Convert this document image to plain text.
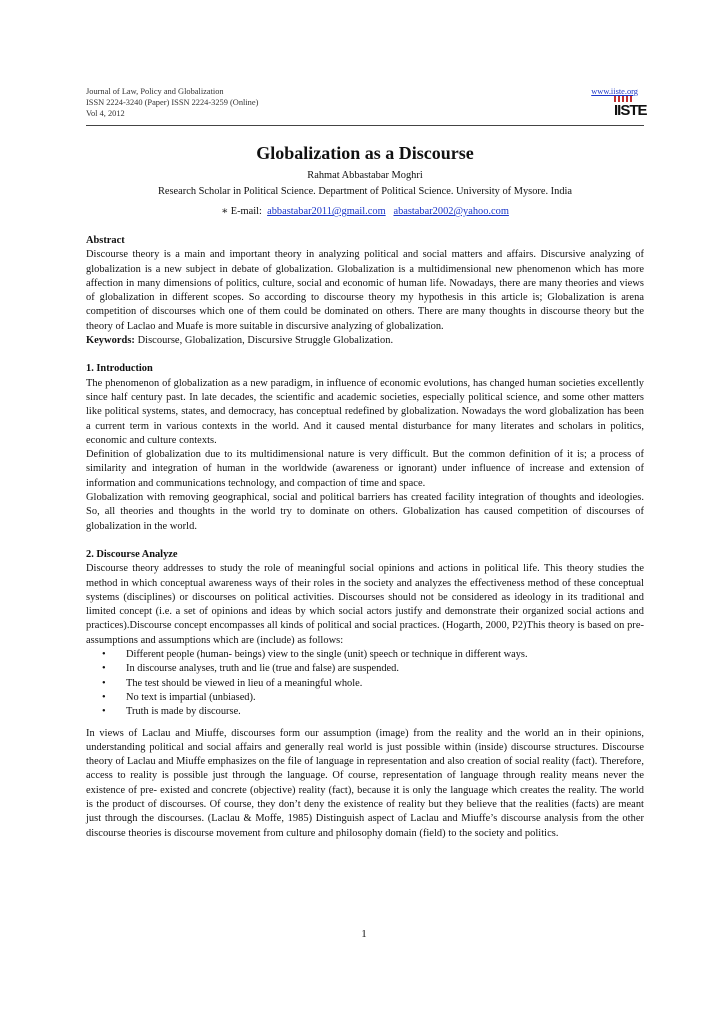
Journal of Law, Policy and Globalization
ISSN 2224-3240 (Paper) ISSN 2224-3259 (Online)
Vol 4, 2012
www.iiste.org
IISTE
Globalization as a Discourse
Rahmat Abbastabar Moghri
Research Scholar in Political Science. Department of Political Science. University of Mysore. India
∗ E-mail: abbastabar2011@gmail.com abastabar2002@yahoo.com
Abstract
Discourse theory is a main and important theory in analyzing political and social matters and affairs. Discursive analyzing of globalization is a new subject in debate of globalization. Globalization is a multidimensional new phenomenon which has more affection in many dimensions of politics, culture, social and economic of human life. Nowadays, there are many theories and views of globalization in different scopes. So according to discourse theory my hypothesis in this article is; Globalization is arena competition of discourses which one of them could be dominated on others. There are many thoughts in discourse theory but the theory of Laclao and Muafe is more suitable in discursive analyzing of globalization.
Keywords: Discourse, Globalization, Discursive Struggle Globalization.
1. Introduction
The phenomenon of globalization as a new paradigm, in influence of economic evolutions, has changed human societies excellently since half century past. In late decades, the scientific and academic societies, especially political science, and some other matters like political systems, states, and democracy, has conceptual redefined by globalization. Nowadays the word globalization has been a current term in various contexts in the world. And it caused mental disturbance for many literates and scholars in politics, economic and culture contexts.
Definition of globalization due to its multidimensional nature is very difficult. But the common definition of it is; a process of similarity and integration of human in the worldwide (awareness or ignorant) under influence of increase and extension of information and communications technology, and compaction of time and space.
Globalization with removing geographical, social and political barriers has created facility integration of thoughts and ideologies. So, all theories and thoughts in the world try to dominate on others. Globalization has caused competition of discourses of globalization in the world.
2. Discourse Analyze
Discourse theory addresses to study the role of meaningful social opinions and actions in political life. This theory studies the method in which conceptual awareness ways of their roles in the society and analyzes the effectiveness method of these conceptual systems (disciplines) or discourses on political activities. Discourses should not be considered as ideology in its traditional and limited concept (i.e. a set of opinions and ideas by which social actors justify and demonstrate their organized social actions and practices).Discourse concept encompasses all kinds of political and social practices. (Hogarth, 2000, P2)This theory is based on pre- assumptions and assumptions which are (include) as follows:
• Different people (human- beings) view to the single (unit) speech or technique in different ways.
• In discourse analyses, truth and lie (true and false) are suspended.
• The test should be viewed in lieu of a meaningful whole.
• No text is impartial (unbiased).
• Truth is made by discourse.
In views of Laclau and Miuffe, discourses form our assumption (image) from the reality and the world an in their opinions, understanding political and social affairs and generally real world is just possible within (inside) discourse structures. Discourse theory of Laclau and Miuffe emphasizes on the file of language in representation and also creation of social reality (fact). Therefore, access to reality is possible just through the language. Of course, representation of language through reality means never the existence of pre- existed and concrete (objective) reality (fact), because it is only the language which creates the reality. The world is the product of discourses. Of course, they don’t deny the existence of reality but they believe that the realities (facts) are meant just through the discourses. (Laclau & Moffe, 1985) Distinguish aspect of Laclau and Miuffe’s discourse analysis from the other discourse theories is discourse movement from culture and philosophy domain (field) to the society and politics.
1
